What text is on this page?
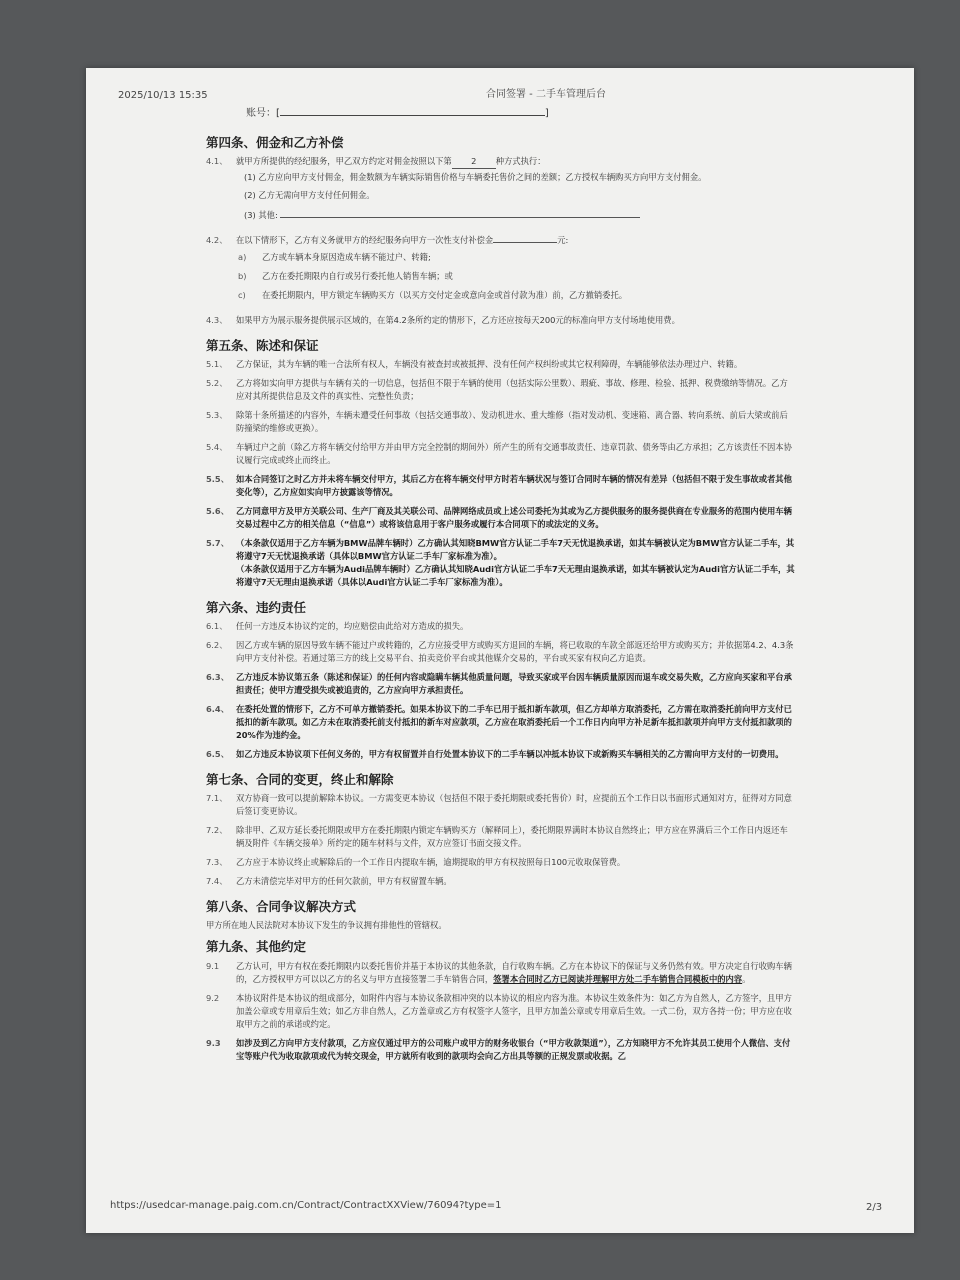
2025/10/13 15:35	合同签署 - 二手车管理后台
账号：[	]
第四条、佣金和乙方补偿
4.1、	就甲方所提供的经纪服务，甲乙双方约定对佣金按照以下第 2 种方式执行：
(1) 乙方应向甲方支付佣金，佣金数额为车辆实际销售价格与车辆委托售价之间的差额；乙方授权车辆购买方向甲方支付佣金。
(2) 乙方无需向甲方支付任何佣金。
(3) 其他:
4.2、	在以下情形下，乙方有义务就甲方的经纪服务向甲方一次性支付补偿金	元:
a)	乙方或车辆本身原因造成车辆不能过户、转籍;
b)	乙方在委托期限内自行或另行委托他人销售车辆；或
c)	在委托期限内，甲方锁定车辆购买方（以买方交付定金或意向金或首付款为准）前，乙方撤销委托。
4.3、	如果甲方为展示服务提供展示区域的，在第4.2条所约定的情形下，乙方还应按每天200元的标准向甲方支付场地使用费。
第五条、陈述和保证
5.1、	乙方保证，其为车辆的唯一合法所有权人，车辆没有被查封或被抵押、没有任何产权纠纷或其它权利障碍，车辆能够依法办理过户、转籍。
5.2、	乙方将如实向甲方提供与车辆有关的一切信息，包括但不限于车辆的使用（包括实际公里数）、瑕疵、事故、修理、检验、抵押、税费缴纳等情况。乙方应对其所提供信息及文件的真实性、完整性负责；
5.3、	除第十条所描述的内容外，车辆未遭受任何事故（包括交通事故）、发动机进水、重大维修（指对发动机、变速箱、离合器、转向系统、前后大梁或前后防撞梁的维修或更换）。
5.4、	车辆过户之前（除乙方将车辆交付给甲方并由甲方完全控制的期间外）所产生的所有交通事故责任、违章罚款、债务等由乙方承担；乙方该责任不因本协议履行完成或终止而终止。
5.5、 如本合同签订之时乙方并未将车辆交付甲方，其后乙方在将车辆交付甲方时若车辆状况与签订合同时车辆的情况有差异（包括但不限于发生事故或者其他变化等），乙方应如实向甲方披露该等情况。
5.6、 乙方同意甲方及甲方关联公司、生产厂商及其关联公司、品牌网络成员或上述公司委托为其或为乙方提供服务的服务提供商在专业服务的范围内使用车辆交易过程中乙方的相关信息（“信息”）或将该信息用于客户服务或履行本合同项下的或法定的义务。
5.7、 （本条款仅适用于乙方车辆为BMW品牌车辆时）乙方确认其知晓BMW官方认证二手车7天无忧退换承诺，如其车辆被认定为BMW官方认证二手车，其将遵守7天无忧退换承诺（具体以BMW官方认证二手车厂家标准为准）。
（本条款仅适用于乙方车辆为Audi品牌车辆时）乙方确认其知晓Audi官方认证二手车7天无理由退换承诺，如其车辆被认定为Audi官方认证二手车，其将遵守7天无理由退换承诺（具体以Audi官方认证二手车厂家标准为准）。
第六条、违约责任
6.1、	任何一方违反本协议约定的，均应赔偿由此给对方造成的损失。
6.2、	因乙方或车辆的原因导致车辆不能过户或转籍的，乙方应接受甲方或购买方退回的车辆，将已收取的车款全部返还给甲方或购买方；并依据第4.2、4.3条向甲方支付补偿。若通过第三方的线上交易平台、拍卖竞价平台或其他媒介交易的，平台或买家有权向乙方追责。
6.3、 乙方违反本协议第五条（陈述和保证）的任何内容或隐瞒车辆其他质量问题，导致买家或平台因车辆质量原因而退车或交易失败，乙方应向买家和平台承担责任；使甲方遭受损失或被追责的，乙方应向甲方承担责任。
6.4、 在委托处置的情形下，乙方不可单方撤销委托。如果本协议下的二手车已用于抵扣新车款项，但乙方却单方取消委托，乙方需在取消委托前向甲方支付已抵扣的新车款项。如乙方未在取消委托前支付抵扣的新车对应款项，乙方应在取消委托后一个工作日内向甲方补足新车抵扣款项并向甲方支付抵扣款项的20%作为违约金。
6.5、 如乙方违反本协议项下任何义务的，甲方有权留置并自行处置本协议下的二手车辆以冲抵本协议下或新购买车辆相关的乙方需向甲方支付的一切费用。
第七条、合同的变更，终止和解除
7.1、	双方协商一致可以提前解除本协议。一方需变更本协议（包括但不限于委托期限或委托售价）时，应提前五个工作日以书面形式通知对方，征得对方同意后签订变更协议。
7.2、	除非甲、乙双方延长委托期限或甲方在委托期限内锁定车辆购买方（解释同上），委托期限界满时本协议自然终止；甲方应在界满后三个工作日内返还车辆及附件《车辆交接单》所约定的随车材料与文件，双方应签订书面交接文件。
7.3、	乙方应于本协议终止或解除后的一个工作日内提取车辆，逾期提取的甲方有权按照每日100元收取保管费。
7.4、	乙方未清偿完毕对甲方的任何欠款前，甲方有权留置车辆。
第八条、合同争议解决方式
甲方所在地人民法院对本协议下发生的争议拥有排他性的管辖权。
第九条、其他约定
9.1	乙方认可，甲方有权在委托期限内以委托售价并基于本协议的其他条款，自行收购车辆。乙方在本协议下的保证与义务仍然有效。甲方决定自行收购车辆的，乙方授权甲方可以以乙方的名义与甲方直接签署二手车销售合同，签署本合同时乙方已阅读并理解甲方处二手车销售合同模板中的内容。
9.2	本协议附件是本协议的组成部分，如附件内容与本协议条款相冲突的以本协议的相应内容为准。本协议生效条件为：如乙方为自然人，乙方签字，且甲方加盖公章或专用章后生效；如乙方非自然人，乙方盖章或乙方有权签字人签字，且甲方加盖公章或专用章后生效。一式二份，双方各持一份；甲方应在收取甲方之前的承诺或约定。
9.3	如涉及到乙方向甲方支付款项，乙方应仅通过甲方的公司账户或甲方的财务收银台（“甲方收款渠道”），乙方知晓甲方不允许其员工使用个人微信、支付宝等账户代为收取款项或代为转交现金，甲方就所有收到的款项均会向乙方出具等额的正规发票或收据。乙
https://usedcar-manage.paig.com.cn/Contract/ContractXXView/76094?type=1	2/3
